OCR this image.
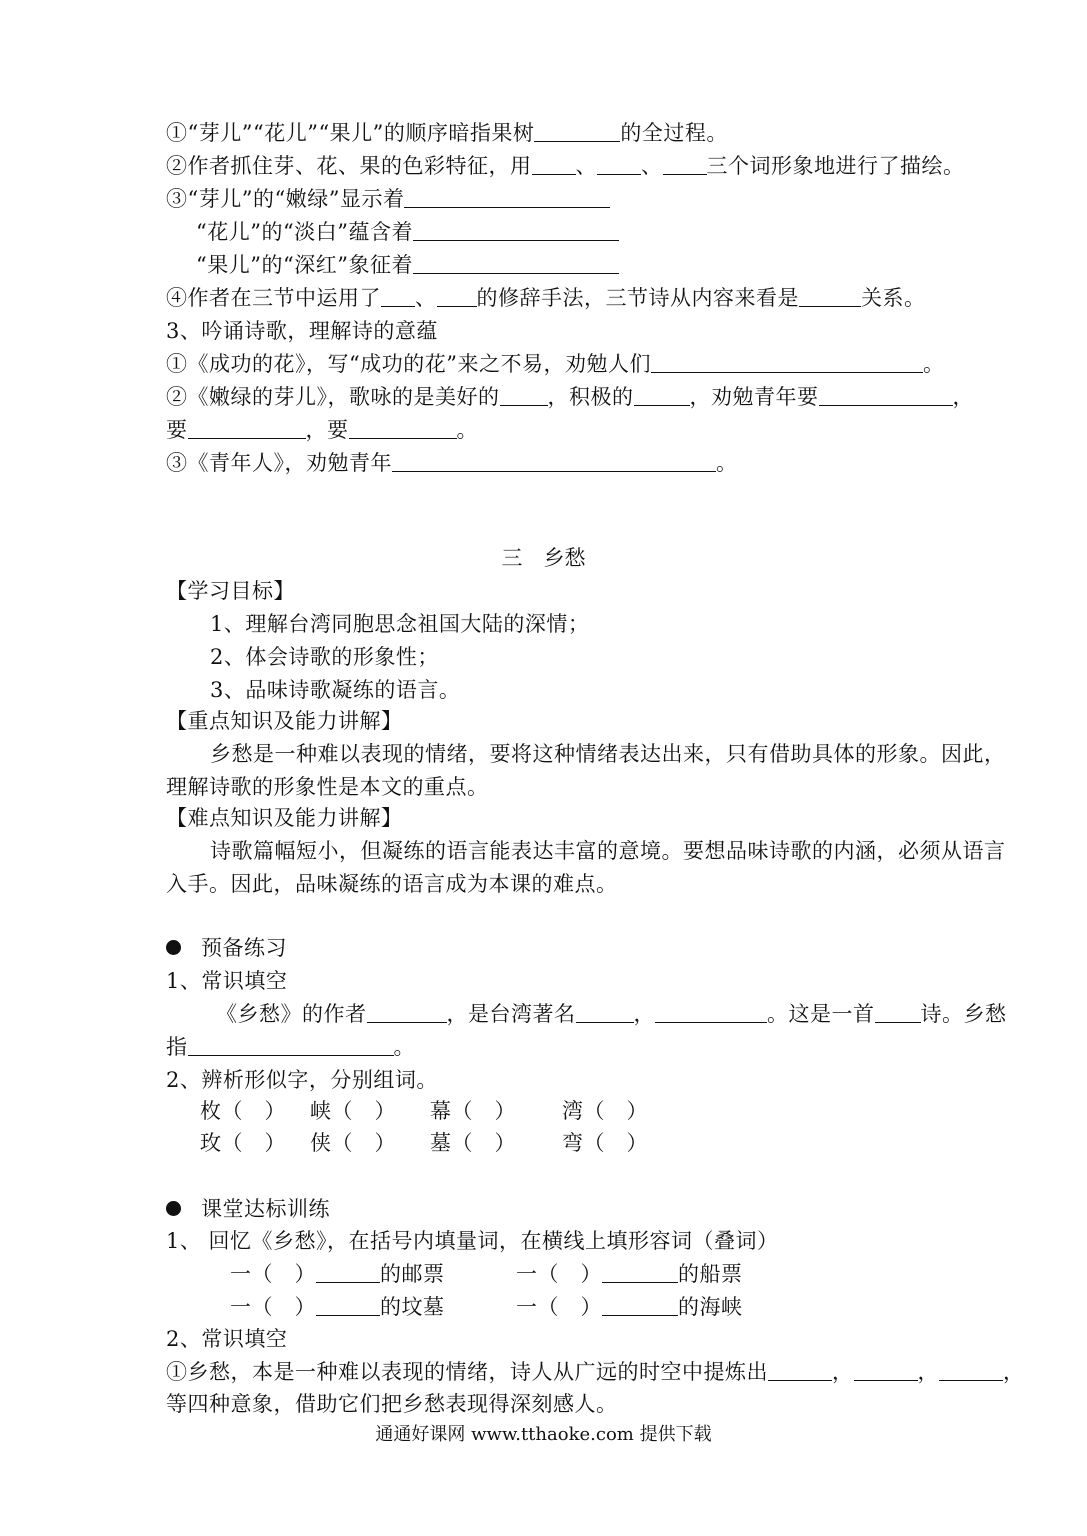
①“芽儿”“花儿”“果儿”的顺序暗指果树	的全过程。
②作者抓住芽、花、果的色彩特征，用 、 、 三个词形象地进行了描绘。
③“芽儿”的“嫩绿”显示着
“花儿”的“淡白”蕴含着
“果儿”的“深红”象征着
④作者在三节中运用了 、 的修辞手法，三节诗从内容来看是	关系。
3、吟诵诗歌，理解诗的意蕴
①《成功的花》，写“成功的花”来之不易，劝勉人们	。
②《嫩绿的芽儿》，歌咏的是美好的 ，积极的	，劝勉青年要	，
要	，要	。
③《青年人》，劝勉青年	。
三　乡愁
【学习目标】
1、理解台湾同胞思念祖国大陆的深情；
2、体会诗歌的形象性；
3、品味诗歌凝练的语言。
【重点知识及能力讲解】
乡愁是一种难以表现的情绪，要将这种情绪表达出来，只有借助具体的形象。因此，
理解诗歌的形象性是本文的重点。
【难点知识及能力讲解】
诗歌篇幅短小，但凝练的语言能表达丰富的意境。要想品味诗歌的内涵，必须从语言
入手。因此，品味凝练的语言成为本课的难点。
预备练习
1、常识填空
《乡愁》的作者	，是台湾著名	，	。这是一首 诗。乡愁
指	。
2、辨析形似字，分别组词。
枚（　） 峡（　） 幕（　） 湾（　）
玫（　） 侠（　） 墓（　） 弯（　）
课堂达标训练
1、 回忆《乡愁》，在括号内填量词，在横线上填形容词（叠词）
一（　）	的邮票	一（　）	的船票
一（　）	的坟墓	一（　）	的海峡
2、常识填空
①乡愁，本是一种难以表现的情绪，诗人从广远的时空中提炼出	，	，	，
等四种意象，借助它们把乡愁表现得深刻感人。
通通好课网 www.tthaoke.com 提供下载
